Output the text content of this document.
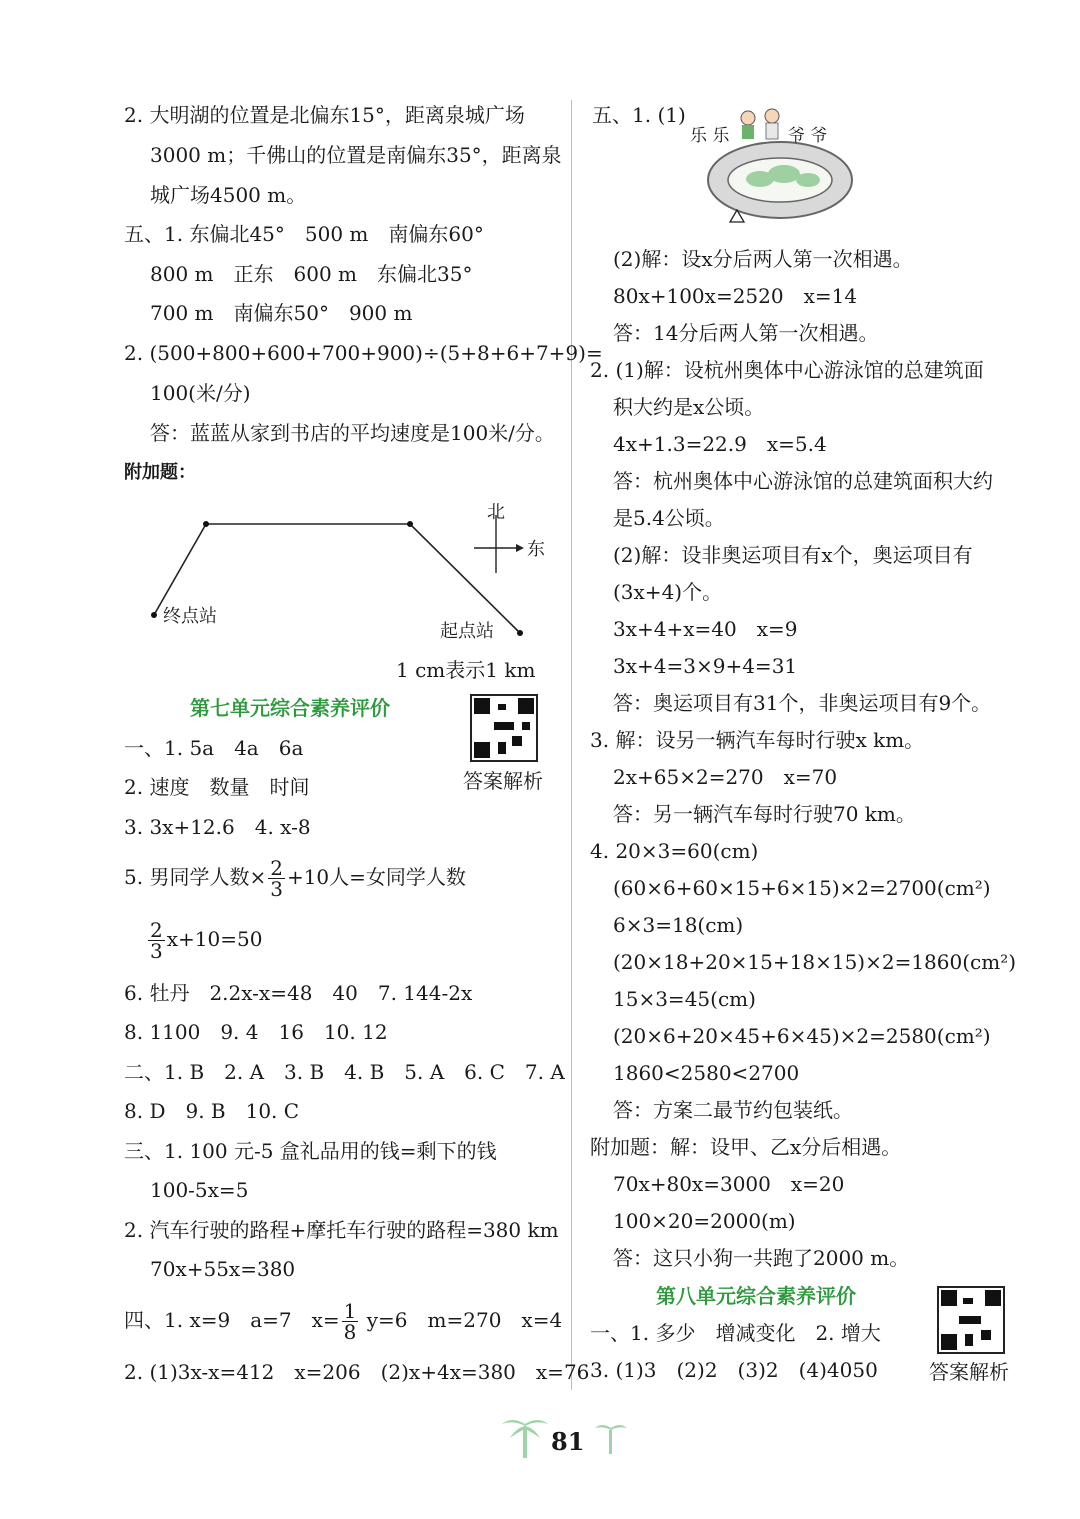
2. 大明湖的位置是北偏东15°，距离泉城广场
3000 m；千佛山的位置是南偏东35°，距离泉
城广场4500 m。
五、1. 东偏北45°　500 m　南偏东60°
800 m　正东　600 m　东偏北35°
700 m　南偏东50°　900 m
2. (500+800+600+700+900)÷(5+8+6+7+9)=
100(米/分)
答：蓝蓝从家到书店的平均速度是100米/分。
附加题：
北
东
终点站
起点站
1 cm表示1 km
第七单元综合素养评价
答案解析
一、1. 5a　4a　6a
2. 速度　数量　时间
3. 3x+12.6　4. x-8
5. 男同学人数× $\frac{2}{3} +10$人=女同学人数
$\frac{2}{3} x+10=50$
6. 牡丹　2.2x-x=48　40　7. 144-2x
8. 1100　9. 4　16　10. 12
二、1. B　2. A　3. B　4. B　5. A　6. C　7. A
8. D　9. B　10. C
三、1. 100 元-5 盒礼品用的钱=剩下的钱
100-5x=5
2. 汽车行驶的路程+摩托车行驶的路程=380 km
70x+55x=380
四、1. x=9　a=7　$x= \frac{1}{8} y=6$　m=270　x=4
2. (1)3x-x=412　x=206　(2)x+4x=380　x=76
五、1. (1)
乐 乐	爷 爷
(2)解：设x分后两人第一次相遇。
80x+100x=2520　x=14
答：14分后两人第一次相遇。
2. (1)解：设杭州奥体中心游泳馆的总建筑面
积大约是x公顷。
4x+1.3=22.9　x=5.4
答：杭州奥体中心游泳馆的总建筑面积大约
是5.4公顷。
(2)解：设非奥运项目有x个，奥运项目有
(3x+4)个。
3x+4+x=40　x=9
3x+4=3×9+4=31
答：奥运项目有31个，非奥运项目有9个。
3. 解：设另一辆汽车每时行驶x km。
2x+65×2=270　x=70
答：另一辆汽车每时行驶70 km。
4. 20×3=60(cm)
(60×6+60×15+6×15)×2=2700(cm²)
6×3=18(cm)
(20×18+20×15+18×15)×2=1860(cm²)
15×3=45(cm)
(20×6+20×45+6×45)×2=2580(cm²)
1860<2580<2700
答：方案二最节约包装纸。
附加题：解：设甲、乙x分后相遇。
70x+80x=3000　x=20
100×20=2000(m)
答：这只小狗一共跑了2000 m。
第八单元综合素养评价
答案解析
一、1. 多少　增减变化　2. 增大
3. (1)3　(2)2　(3)2　(4)4050
81
